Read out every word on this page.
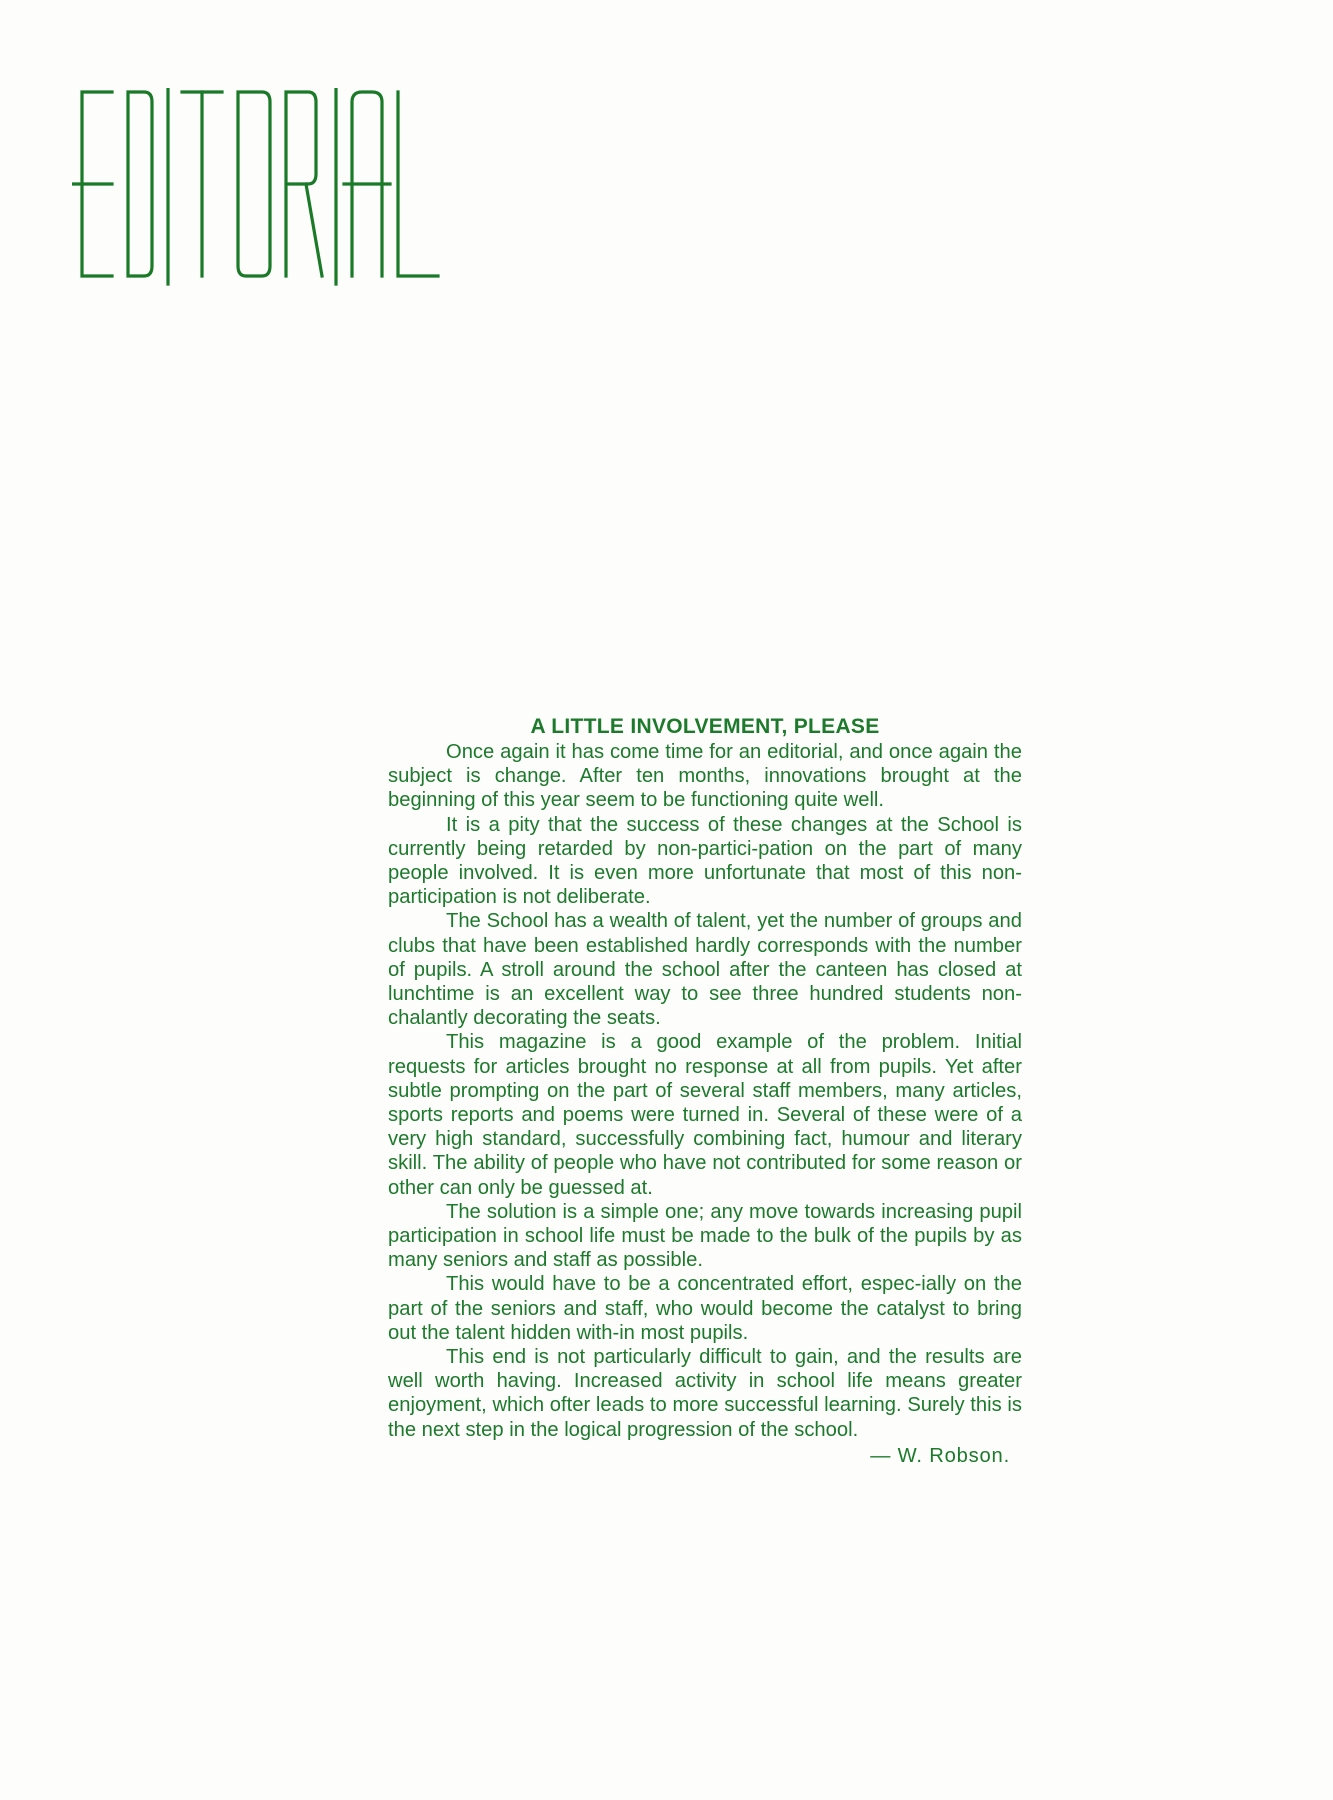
A LITTLE INVOLVEMENT, PLEASE

Once again it has come time for an editorial, and once again the subject is change. After ten months, innovations brought at the beginning of this year seem to be functioning quite well.

It is a pity that the success of these changes at the School is currently being retarded by non-partici-pation on the part of many people involved. It is even more unfortunate that most of this non-participation is not deliberate.

The School has a wealth of talent, yet the number of groups and clubs that have been established hardly corresponds with the number of pupils. A stroll around the school after the canteen has closed at lunchtime is an excellent way to see three hundred students non-chalantly decorating the seats.

This magazine is a good example of the problem. Initial requests for articles brought no response at all from pupils. Yet after subtle prompting on the part of several staff members, many articles, sports reports and poems were turned in. Several of these were of a very high standard, successfully combining fact, humour and literary skill. The ability of people who have not contributed for some reason or other can only be guessed at.

The solution is a simple one; any move towards increasing pupil participation in school life must be made to the bulk of the pupils by as many seniors and staff as possible.

This would have to be a concentrated effort, espec-ially on the part of the seniors and staff, who would become the catalyst to bring out the talent hidden with-in most pupils.

This end is not particularly difficult to gain, and the results are well worth having. Increased activity in school life means greater enjoyment, which ofter leads to more successful learning. Surely this is the next step in the logical progression of the school.

— W. Robson.
